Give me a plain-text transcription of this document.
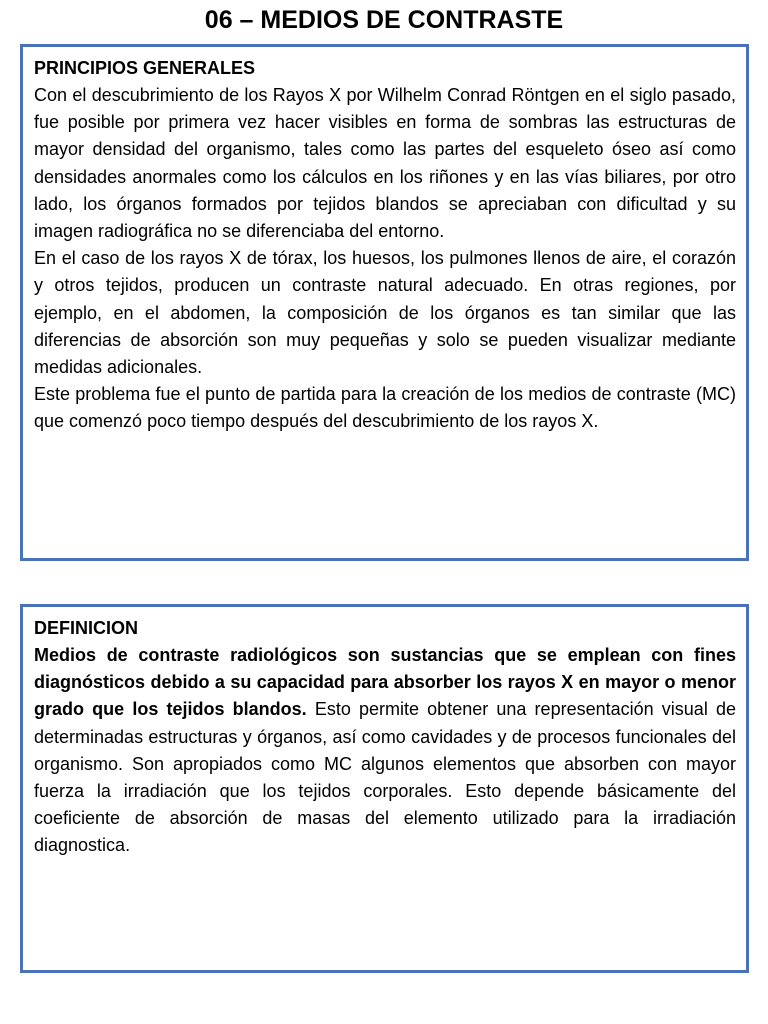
06 – MEDIOS DE CONTRASTE

PRINCIPIOS GENERALES

Con el descubrimiento de los Rayos X por Wilhelm Conrad Röntgen en el siglo pasado, fue posible por primera vez hacer visibles en forma de sombras las estructuras de mayor densidad del organismo, tales como las partes del esqueleto óseo así como densidades anormales como los cálculos en los riñones y en las vías biliares, por otro lado, los órganos formados por tejidos blandos se apreciaban con dificultad y su imagen radiográfica no se diferenciaba del entorno.

En el caso de los rayos X de tórax, los huesos, los pulmones llenos de aire, el corazón y otros tejidos, producen un contraste natural adecuado. En otras regiones, por ejemplo, en el abdomen, la composición de los órganos es tan similar que las diferencias de absorción son muy pequeñas y solo se pueden visualizar mediante medidas adicionales.

Este problema fue el punto de partida para la creación de los medios de contraste (MC) que comenzó poco tiempo después del descubrimiento de los rayos X.

DEFINICION

Medios de contraste radiológicos son sustancias que se emplean con fines diagnósticos debido a su capacidad para absorber los rayos X en mayor o menor grado que los tejidos blandos. Esto permite obtener una representación visual de determinadas estructuras y órganos, así como cavidades y de procesos funcionales del organismo. Son apropiados como MC algunos elementos que absorben con mayor fuerza la irradiación que los tejidos corporales. Esto depende básicamente del coeficiente de absorción de masas del elemento utilizado para la irradiación diagnostica.
